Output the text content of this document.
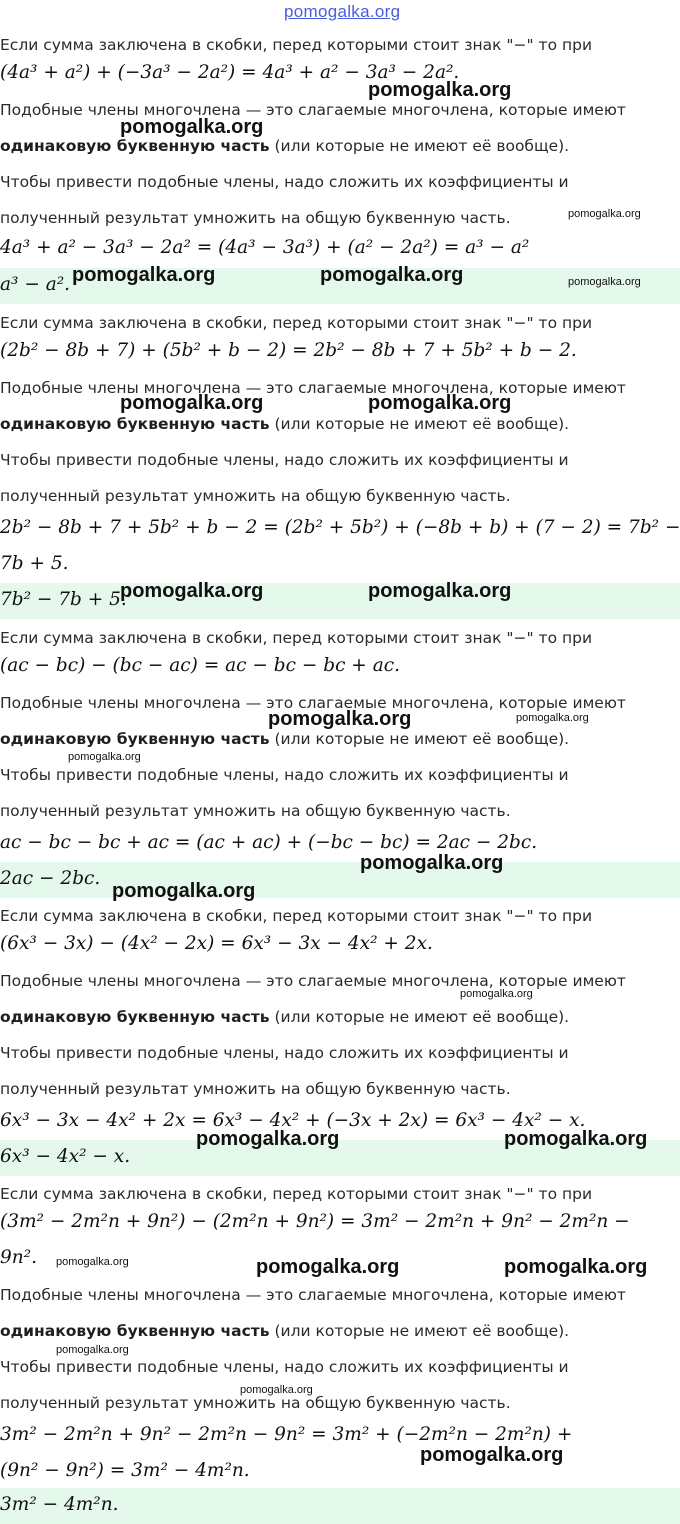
Если сумма заключена в скобки, перед которыми стоит знак "−" то при
(4a³ + a²) + (−3a³ − 2a²) = 4a³ + a² − 3a³ − 2a².
Подобные члены многочлена — это слагаемые многочлена, которые имеют
одинаковую буквенную часть (или которые не имеют её вообще).
Чтобы привести подобные члены, надо сложить их коэффициенты и
полученный результат умножить на общую буквенную часть.
4a³ + a² − 3a³ − 2a² = (4a³ − 3a³) + (a² − 2a²) = a³ − a²
a³ − a².
Если сумма заключена в скобки, перед которыми стоит знак "−" то при
(2b² − 8b + 7) + (5b² + b − 2) = 2b² − 8b + 7 + 5b² + b − 2.
Подобные члены многочлена — это слагаемые многочлена, которые имеют
одинаковую буквенную часть (или которые не имеют её вообще).
Чтобы привести подобные члены, надо сложить их коэффициенты и
полученный результат умножить на общую буквенную часть.
2b² − 8b + 7 + 5b² + b − 2 = (2b² + 5b²) + (−8b + b) + (7 − 2) = 7b² −
7b + 5.
7b² − 7b + 5.
Если сумма заключена в скобки, перед которыми стоит знак "−" то при
(ac − bc) − (bc − ac) = ac − bc − bc + ac.
Подобные члены многочлена — это слагаемые многочлена, которые имеют
одинаковую буквенную часть (или которые не имеют её вообще).
Чтобы привести подобные члены, надо сложить их коэффициенты и
полученный результат умножить на общую буквенную часть.
ac − bc − bc + ac = (ac + ac) + (−bc − bc) = 2ac − 2bc.
2ac − 2bc.
Если сумма заключена в скобки, перед которыми стоит знак "−" то при
(6x³ − 3x) − (4x² − 2x) = 6x³ − 3x − 4x² + 2x.
Подобные члены многочлена — это слагаемые многочлена, которые имеют
одинаковую буквенную часть (или которые не имеют её вообще).
Чтобы привести подобные члены, надо сложить их коэффициенты и
полученный результат умножить на общую буквенную часть.
6x³ − 3x − 4x² + 2x = 6x³ − 4x² + (−3x + 2x) = 6x³ − 4x² − x.
6x³ − 4x² − x.
Если сумма заключена в скобки, перед которыми стоит знак "−" то при
(3m² − 2m²n + 9n²) − (2m²n + 9n²) = 3m² − 2m²n + 9n² − 2m²n −
9n².
Подобные члены многочлена — это слагаемые многочлена, которые имеют
одинаковую буквенную часть (или которые не имеют её вообще).
Чтобы привести подобные члены, надо сложить их коэффициенты и
полученный результат умножить на общую буквенную часть.
3m² − 2m²n + 9n² − 2m²n − 9n² = 3m² + (−2m²n − 2m²n) +
(9n² − 9n²) = 3m² − 4m²n.
3m² − 4m²n.
pomogalka.org
pomogalka.org
pomogalka.org
pomogalka.org
pomogalka.org	pomogalka.org	pomogalka.org
pomogalka.org	pomogalka.org
pomogalka.org	pomogalka.org
pomogalka.org	pomogalka.org
pomogalka.org
pomogalka.org
pomogalka.org
pomogalka.org
pomogalka.org	pomogalka.org
pomogalka.org	pomogalka.org	pomogalka.org
pomogalka.org
pomogalka.org
pomogalka.org
